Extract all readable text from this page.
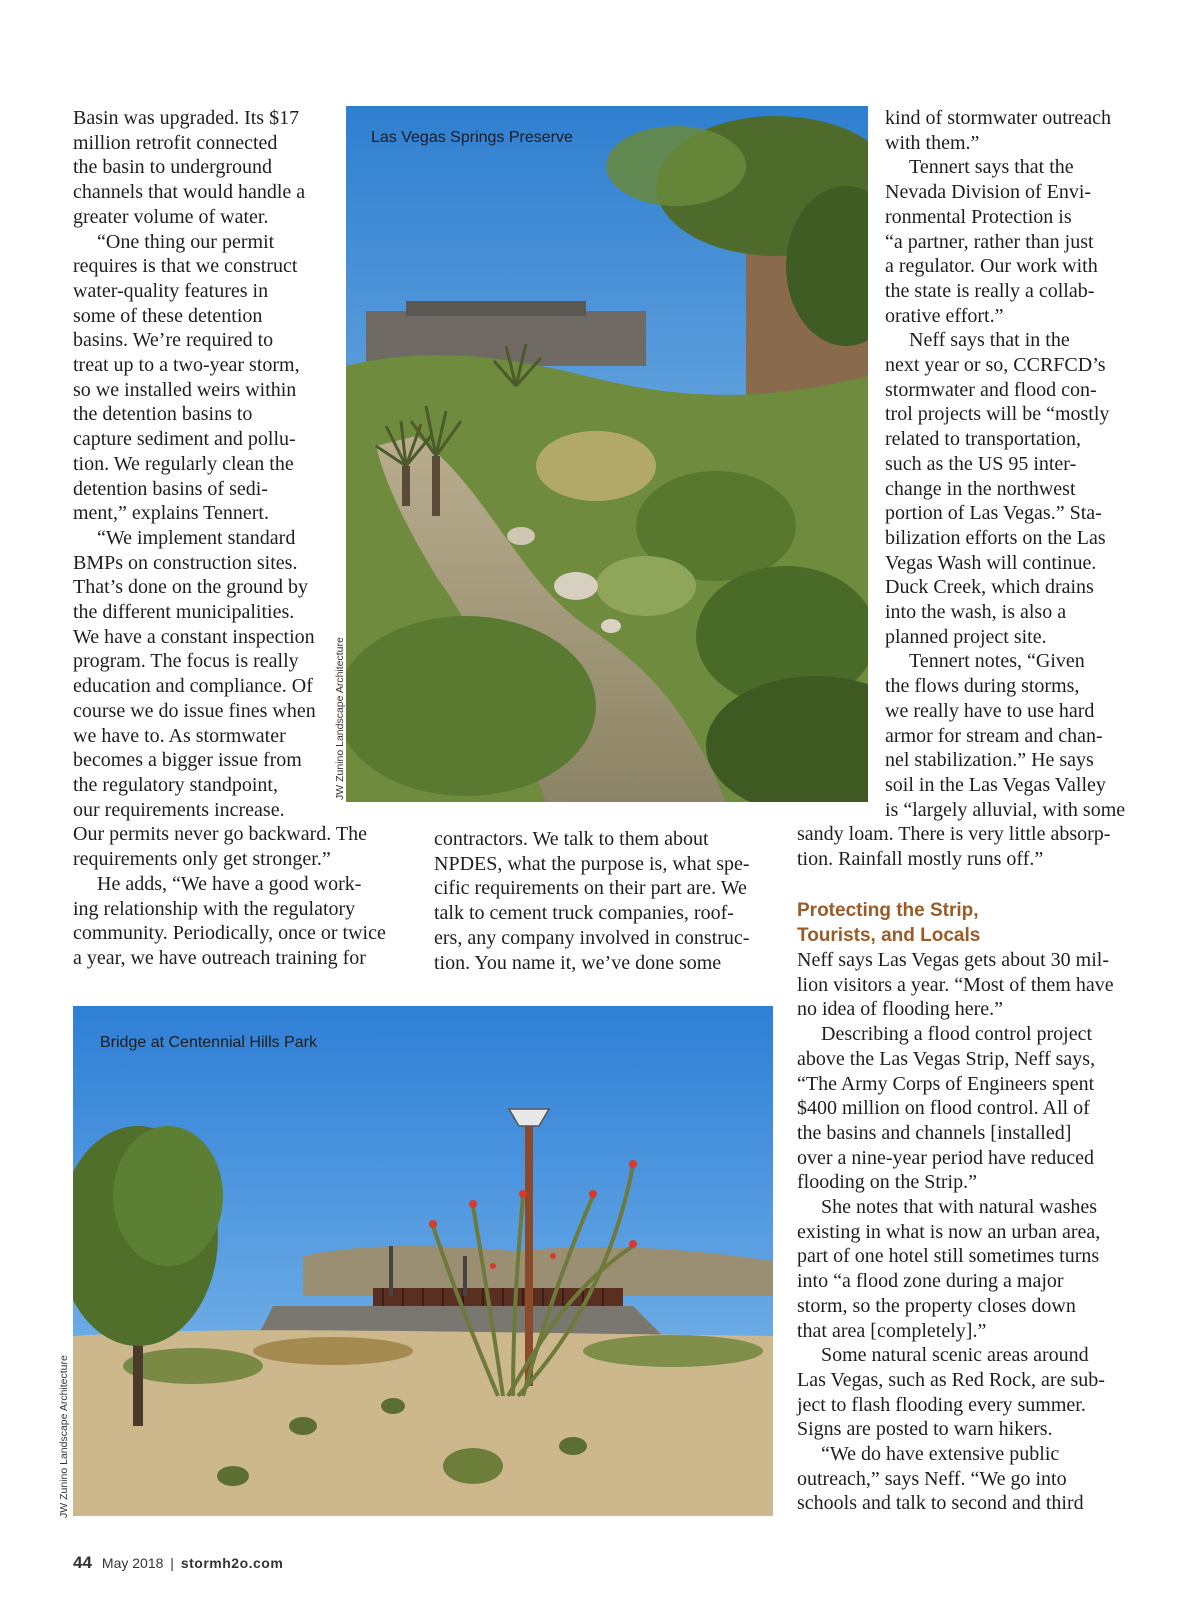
Basin was upgraded. Its $17
million retrofit connected
the basin to underground
channels that would handle a
greater volume of water.
“One thing our permit
requires is that we construct
water-quality features in
some of these detention
basins. We’re required to
treat up to a two-year storm,
so we installed weirs within
the detention basins to
capture sediment and pollu-
tion. We regularly clean the
detention basins of sedi-
ment,” explains Tennert.
“We implement standard
BMPs on construction sites.
That’s done on the ground by
the different municipalities.
We have a constant inspection
program. The focus is really
education and compliance. Of
course we do issue fines when
we have to. As stormwater
becomes a bigger issue from
the regulatory standpoint,
our requirements increase.
Our permits never go backward. The
requirements only get stronger.”
He adds, “We have a good work-
ing relationship with the regulatory
community. Periodically, once or twice
a year, we have outreach training for
Las Vegas Springs Preserve
JW Zunino Landscape Architecture
kind of stormwater outreach
with them.”
Tennert says that the
Nevada Division of Envi-
ronmental Protection is
“a partner, rather than just
a regulator. Our work with
the state is really a collab-
orative effort.”
Neff says that in the
next year or so, CCRFCD’s
stormwater and flood con-
trol projects will be “mostly
related to transportation,
such as the US 95 inter-
change in the northwest
portion of Las Vegas.” Sta-
bilization efforts on the Las
Vegas Wash will continue.
Duck Creek, which drains
into the wash, is also a
planned project site.
Tennert notes, “Given
the flows during storms,
we really have to use hard
armor for stream and chan-
nel stabilization.” He says
soil in the Las Vegas Valley
is “largely alluvial, with some
sandy loam. There is very little absorp-
tion. Rainfall mostly runs off.”
contractors. We talk to them about
NPDES, what the purpose is, what spe-
cific requirements on their part are. We
talk to cement truck companies, roof-
ers, any company involved in construc-
tion. You name it, we’ve done some
Protecting the Strip,
Tourists, and Locals
Neff says Las Vegas gets about 30 mil-
lion visitors a year. “Most of them have
no idea of flooding here.”
Describing a flood control project
above the Las Vegas Strip, Neff says,
“The Army Corps of Engineers spent
$400 million on flood control. All of
the basins and channels [installed]
over a nine-year period have reduced
flooding on the Strip.”
She notes that with natural washes
existing in what is now an urban area,
part of one hotel still sometimes turns
into “a flood zone during a major
storm, so the property closes down
that area [completely].”
Some natural scenic areas around
Las Vegas, such as Red Rock, are sub-
ject to flash flooding every summer.
Signs are posted to warn hikers.
“We do have extensive public
outreach,” says Neff. “We go into
schools and talk to second and third
Bridge at Centennial Hills Park
JW Zunino Landscape Architecture
44 May 2018 | stormh2o.com
